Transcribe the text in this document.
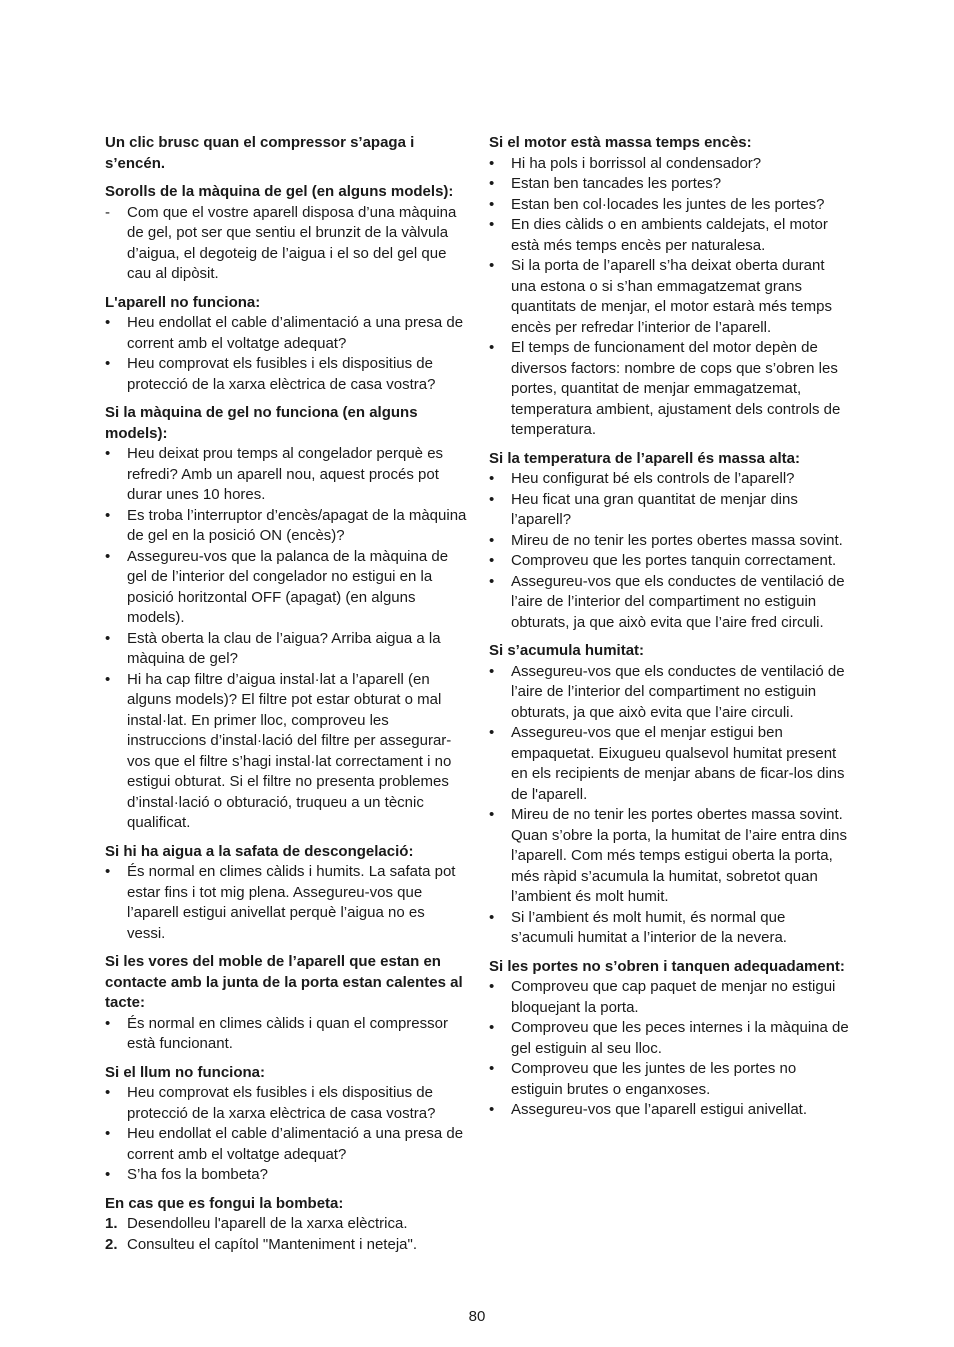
Un clic brusc quan el compressor s’apaga i s’encén.

Sorolls de la màquina de gel (en alguns models):

-	Com que el vostre aparell disposa d’una màquina de gel, pot ser que sentiu el brunzit de la vàlvula d’aigua, el degoteig de l’aigua i el so del gel que cau al dipòsit.

L'aparell no funciona:

•	Heu endollat el cable d’alimentació a una presa de corrent amb el voltatge adequat?
•	Heu comprovat els fusibles i els dispositius de protecció de la xarxa elèctrica de casa vostra?

Si la màquina de gel no funciona (en alguns models):

•	Heu deixat prou temps al congelador perquè es refredi? Amb un aparell nou, aquest procés pot durar unes 10 hores.
•	Es troba l’interruptor d’encès/apagat de la màquina de gel en la posició ON (encès)?
•	Assegureu-vos que la palanca de la màquina de gel de l’interior del congelador no estigui en la posició horitzontal OFF (apagat) (en alguns models).
•	Està oberta la clau de l’aigua? Arriba aigua a la màquina de gel?
•	Hi ha cap filtre d’aigua instal·lat a l’aparell (en alguns models)? El filtre pot estar obturat o mal instal·lat. En primer lloc, comproveu les instruccions d’instal·lació del filtre per assegurar-vos que el filtre s’hagi instal·lat correctament i no estigui obturat. Si el filtre no presenta problemes d’instal·lació o obturació, truqueu a un tècnic qualificat.

Si hi ha aigua a la safata de descongelació:

•	És normal en climes càlids i humits. La safata pot estar fins i tot mig plena. Assegureu-vos que l’aparell estigui anivellat perquè l’aigua no es vessi.

Si les vores del moble de l’aparell que estan en contacte amb la junta de la porta estan calentes al tacte:

•	És normal en climes càlids i quan el compressor està funcionant.

Si el llum no funciona:

•	Heu comprovat els fusibles i els dispositius de protecció de la xarxa elèctrica de casa vostra?
•	Heu endollat el cable d’alimentació a una presa de corrent amb el voltatge adequat?
•	S’ha fos la bombeta?

En cas que es fongui la bombeta:

1. Desendolleu l'aparell de la xarxa elèctrica.
2. Consulteu el capítol "Manteniment i neteja".

Si el motor està massa temps encès:

•	Hi ha pols i borrissol al condensador?
•	Estan ben tancades les portes?
•	Estan ben col·locades les juntes de les portes?
•	En dies càlids o en ambients caldejats, el motor està més temps encès per naturalesa.
•	Si la porta de l’aparell s’ha deixat oberta durant una estona o si s’han emmagatzemat grans quantitats de menjar, el motor estarà més temps encès per refredar l’interior de l’aparell.
•	El temps de funcionament del motor depèn de diversos factors: nombre de cops que s’obren les portes, quantitat de menjar emmagatzemat, temperatura ambient, ajustament dels controls de temperatura.

Si la temperatura de l’aparell és massa alta:

•	Heu configurat bé els controls de l’aparell?
•	Heu ficat una gran quantitat de menjar dins l’aparell?
•	Mireu de no tenir les portes obertes massa sovint.
•	Comproveu que les portes tanquin correctament.
•	Assegureu-vos que els conductes de ventilació de l’aire de l’interior del compartiment no estiguin obturats, ja que això evita que l’aire fred circuli.

Si s’acumula humitat:

•	Assegureu-vos que els conductes de ventilació de l’aire de l’interior del compartiment no estiguin obturats, ja que això evita que l’aire circuli.
•	Assegureu-vos que el menjar estigui ben empaquetat. Eixugueu qualsevol humitat present en els recipients de menjar abans de ficar-los dins de l'aparell.
•	Mireu de no tenir les portes obertes massa sovint. Quan s’obre la porta, la humitat de l’aire entra dins l’aparell. Com més temps estigui oberta la porta, més ràpid s’acumula la humitat, sobretot quan l’ambient és molt humit.
•	Si l’ambient és molt humit, és normal que s’acumuli humitat a l’interior de la nevera.

Si les portes no s’obren i tanquen adequadament:

•	Comproveu que cap paquet de menjar no estigui bloquejant la porta.
•	Comproveu que les peces internes i la màquina de gel estiguin al seu lloc.
•	Comproveu que les juntes de les portes no estiguin brutes o enganxoses.
•	Assegureu-vos que l’aparell estigui anivellat.
80
